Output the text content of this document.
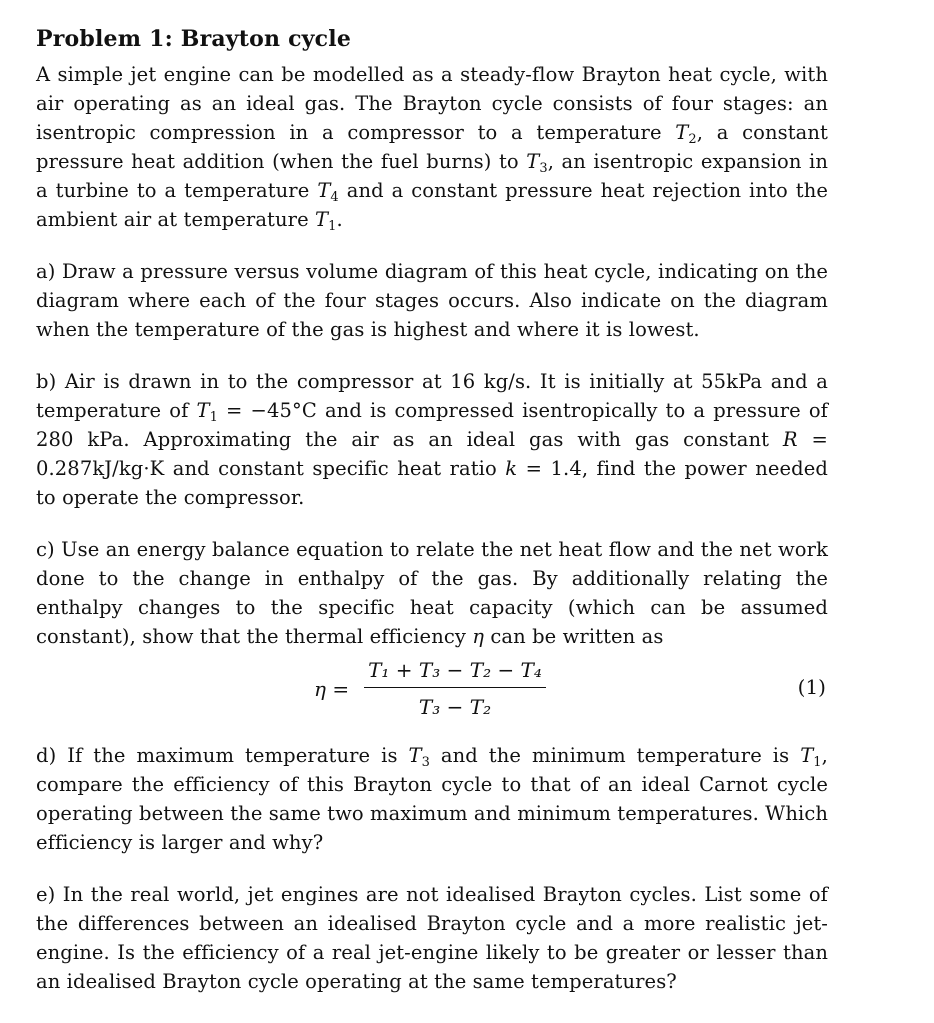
Problem 1: Brayton cycle

A simple jet engine can be modelled as a steady-flow Brayton heat cycle, with air operating as an ideal gas. The Brayton cycle consists of four stages: an isentropic compression in a compressor to a temperature $T_2$, a constant pressure heat addition (when the fuel burns) to $T_3$, an isentropic expansion in a turbine to a temperature $T_4$ and a constant pressure heat rejection into the ambient air at temperature $T_1$.

a) Draw a pressure versus volume diagram of this heat cycle, indicating on the diagram where each of the four stages occurs. Also indicate on the diagram when the temperature of the gas is highest and where it is lowest.

b) Air is drawn in to the compressor at 16 kg/s. It is initially at 55kPa and a temperature of $T_1 = -45^\circ C$ and is compressed isentropically to a pressure of 280 kPa. Approximating the air as an ideal gas with gas constant R = 0.287kJ/kg·K and constant specific heat ratio k = 1.4, find the power needed to operate the compressor.

c) Use an energy balance equation to relate the net heat flow and the net work done to the change in enthalpy of the gas. By additionally relating the enthalpy changes to the specific heat capacity (which can be assumed constant), show that the thermal efficiency η can be written as

η =
T₁ + T₃ − T₂ − T₄
T₃ − T₂
(1)

d) If the maximum temperature is $T_3$ and the minimum temperature is $T_1$, compare the efficiency of this Brayton cycle to that of an ideal Carnot cycle operating between the same two maximum and minimum temperatures. Which efficiency is larger and why?

e) In the real world, jet engines are not idealised Brayton cycles. List some of the differences between an idealised Brayton cycle and a more realistic jet-engine. Is the efficiency of a real jet-engine likely to be greater or lesser than an idealised Brayton cycle operating at the same temperatures?
